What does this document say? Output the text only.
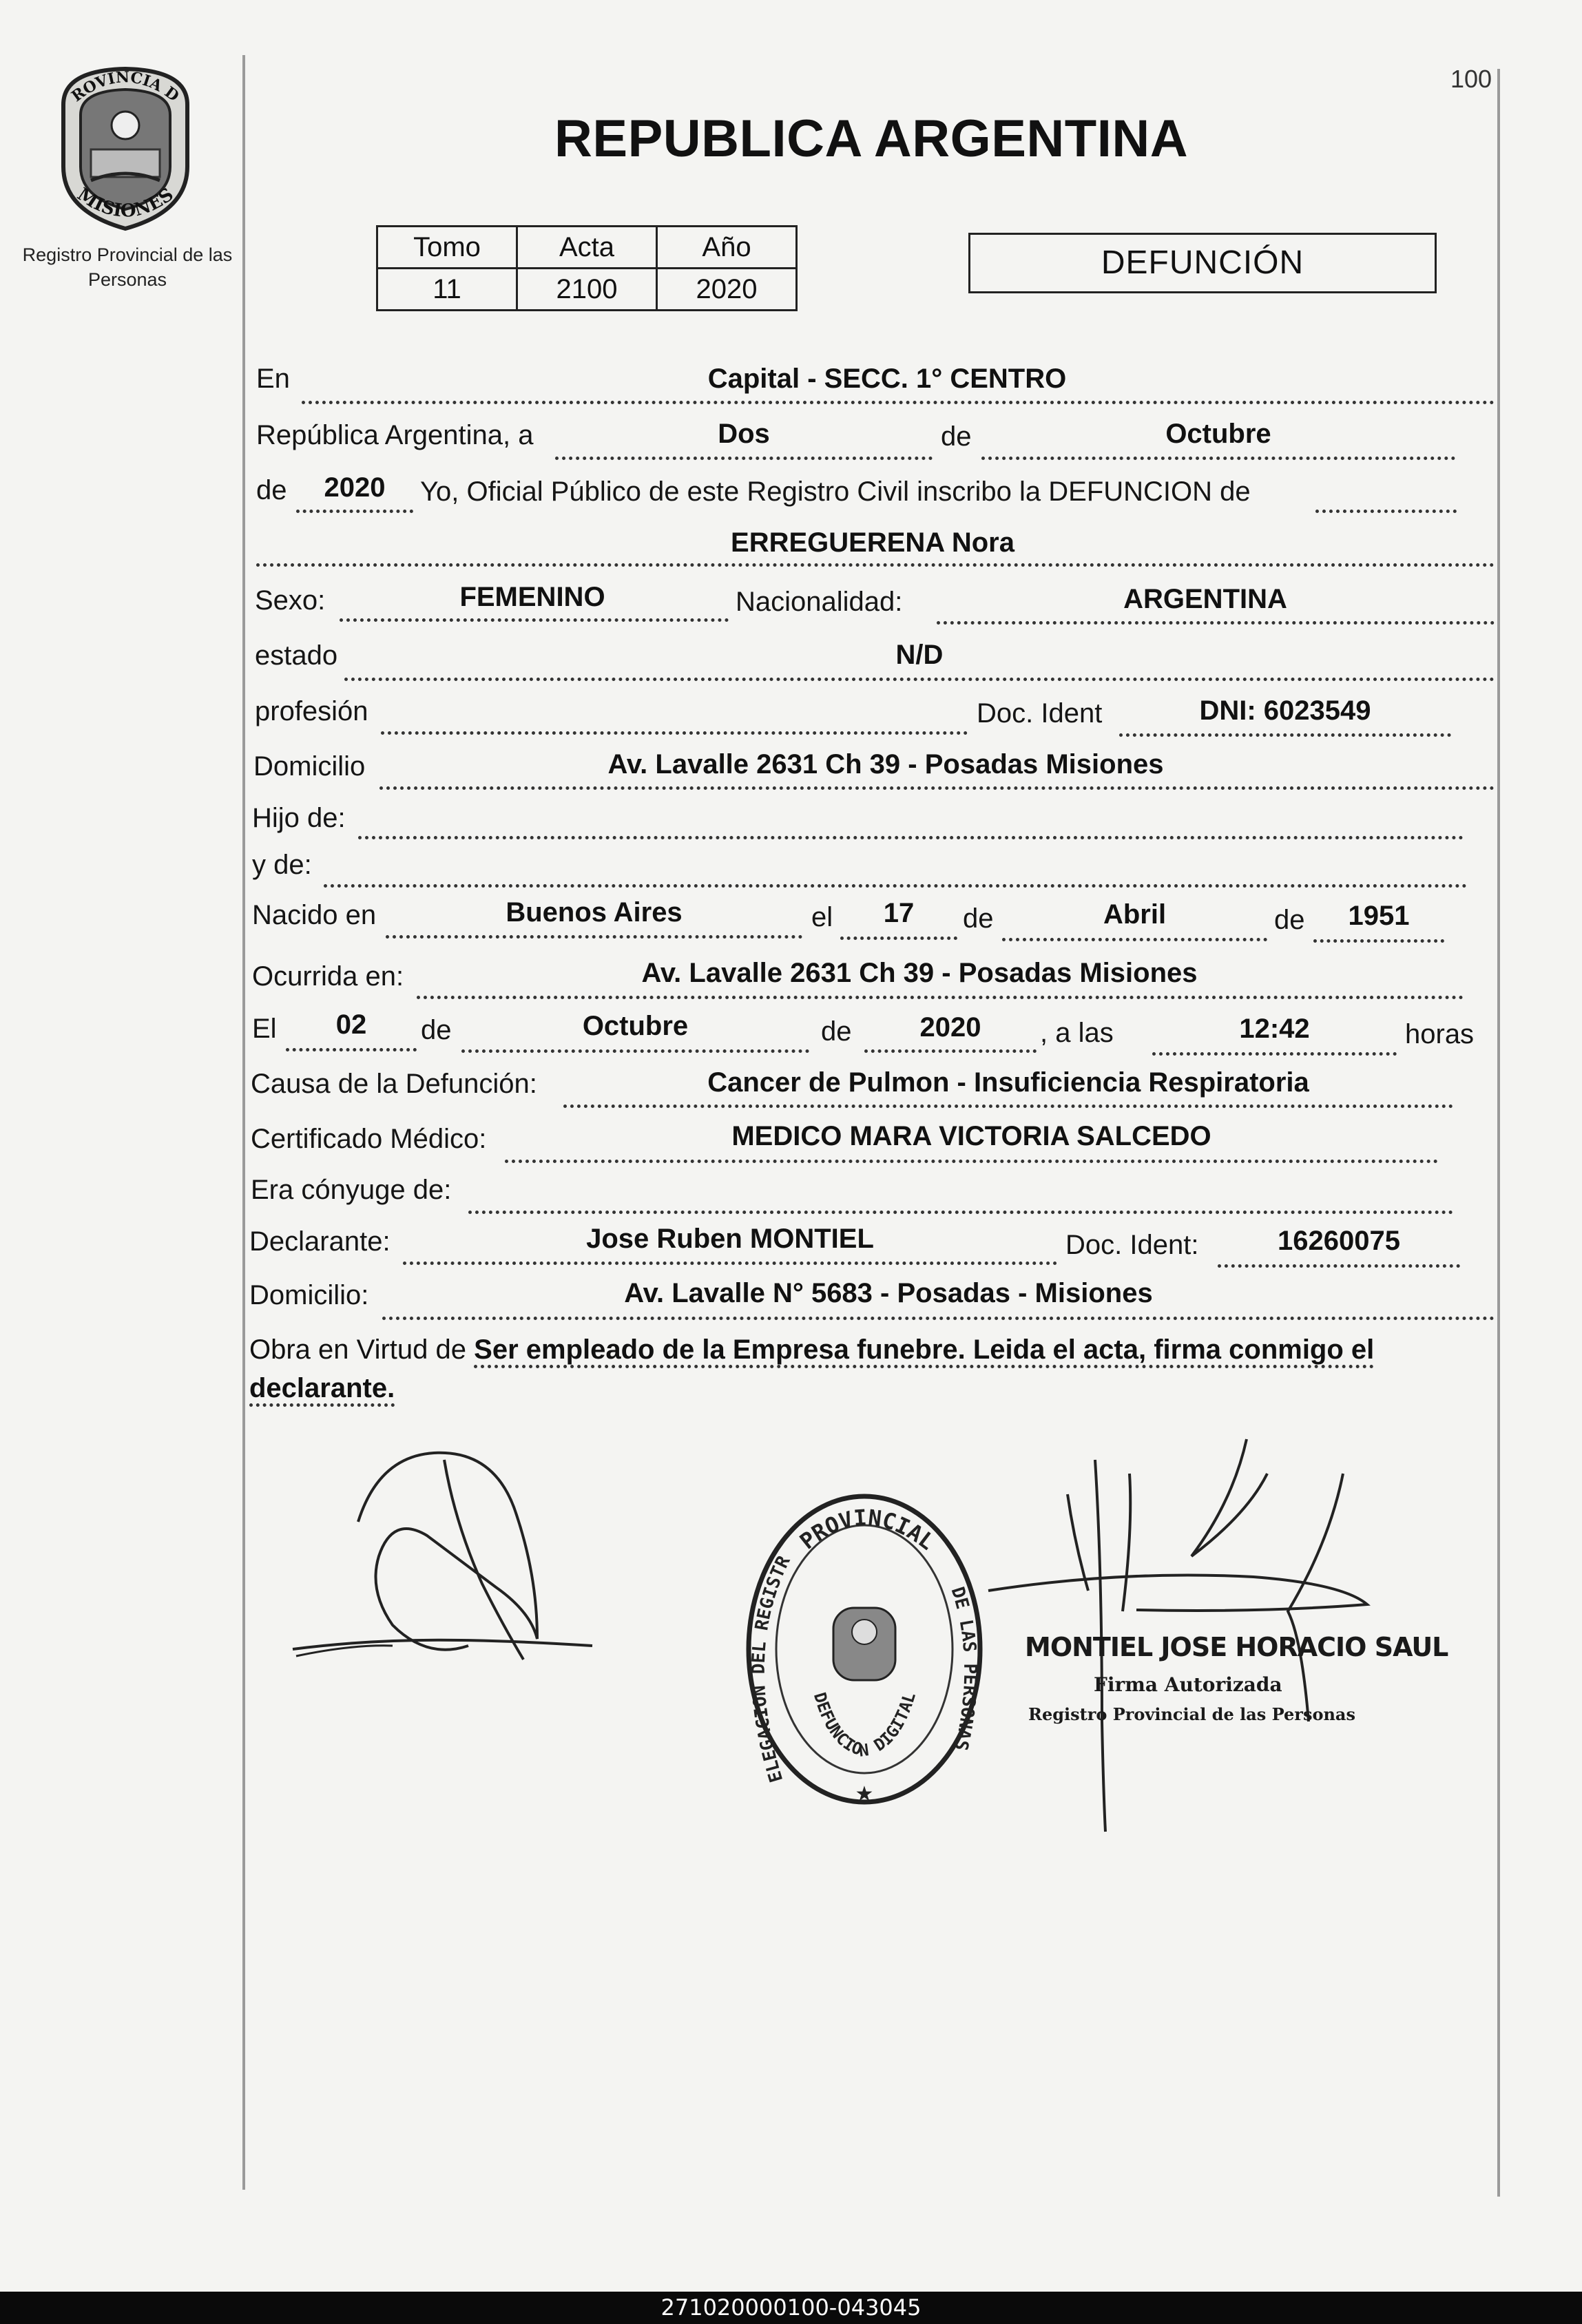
ROVINCIA D
MISIONES
Registro Provincial de las Personas
100
REPUBLICA ARGENTINA
Tomo	Acta	Año
11	2100	2020
DEFUNCIÓN
En	Capital - SECC. 1° CENTRO
República Argentina, a	Dos	de	Octubre
de	2020	Yo, Oficial Público de este Registro Civil inscribo la DEFUNCION de
ERREGUERENA Nora
Sexo:	FEMENINO	Nacionalidad:	ARGENTINA
estado	N/D
profesión	Doc. Ident	DNI: 6023549
Domicilio	Av. Lavalle 2631 Ch 39 - Posadas Misiones
Hijo de:
y de:
Nacido en	Buenos Aires	el	17	de	Abril	de	1951
Ocurrida en:	Av. Lavalle 2631 Ch 39 - Posadas Misiones
El	02	de	Octubre	de	2020	, a las	12:42	horas
Causa de la Defunción:	Cancer de Pulmon - Insuficiencia Respiratoria
Certificado Médico:	MEDICO MARA VICTORIA SALCEDO
Era cónyuge de:
Declarante:	Jose Ruben MONTIEL	Doc. Ident:	16260075
Domicilio:	Av. Lavalle N° 5683 - Posadas - Misiones
Obra en Virtud de Ser empleado de la Empresa funebre. Leida el acta, firma conmigo el
declarante.
PROVINCIAL
ELEGACION DEL REGISTR
DE LAS PERSONAS
DEFUNCION DIGITAL
★
MONTIEL JOSE HORACIO SAUL
Firma Autorizada
Registro Provincial de las Personas
271020000100-043045
